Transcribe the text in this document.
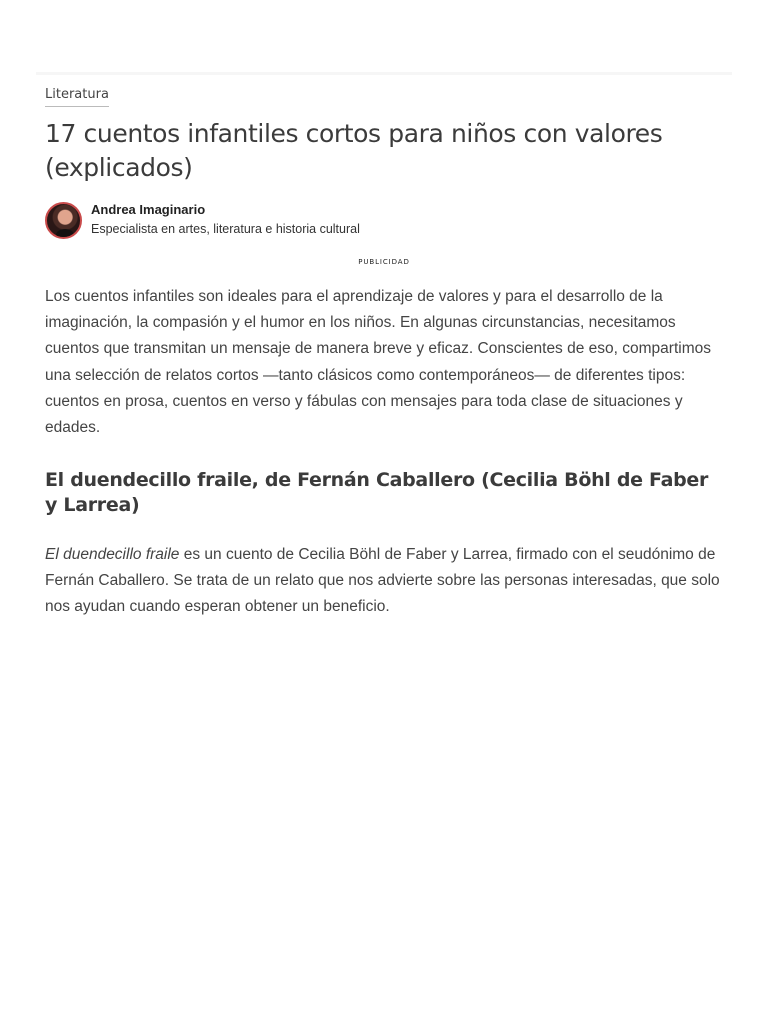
Literatura
17 cuentos infantiles cortos para niños con valores (explicados)
Andrea Imaginario
Especialista en artes, literatura e historia cultural
PUBLICIDAD

Los cuentos infantiles son ideales para el aprendizaje de valores y para el desarrollo de la imaginación, la compasión y el humor en los niños. En algunas circunstancias, necesitamos cuentos que transmitan un mensaje de manera breve y eficaz. Conscientes de eso, compartimos una selección de relatos cortos —tanto clásicos como contemporáneos— de diferentes tipos: cuentos en prosa, cuentos en verso y fábulas con mensajes para toda clase de situaciones y edades.

El duendecillo fraile, de Fernán Caballero (Cecilia Böhl de Faber y Larrea)

El duendecillo fraile es un cuento de Cecilia Böhl de Faber y Larrea, firmado con el seudónimo de Fernán Caballero. Se trata de un relato que nos advierte sobre las personas interesadas, que solo nos ayudan cuando esperan obtener un beneficio.
